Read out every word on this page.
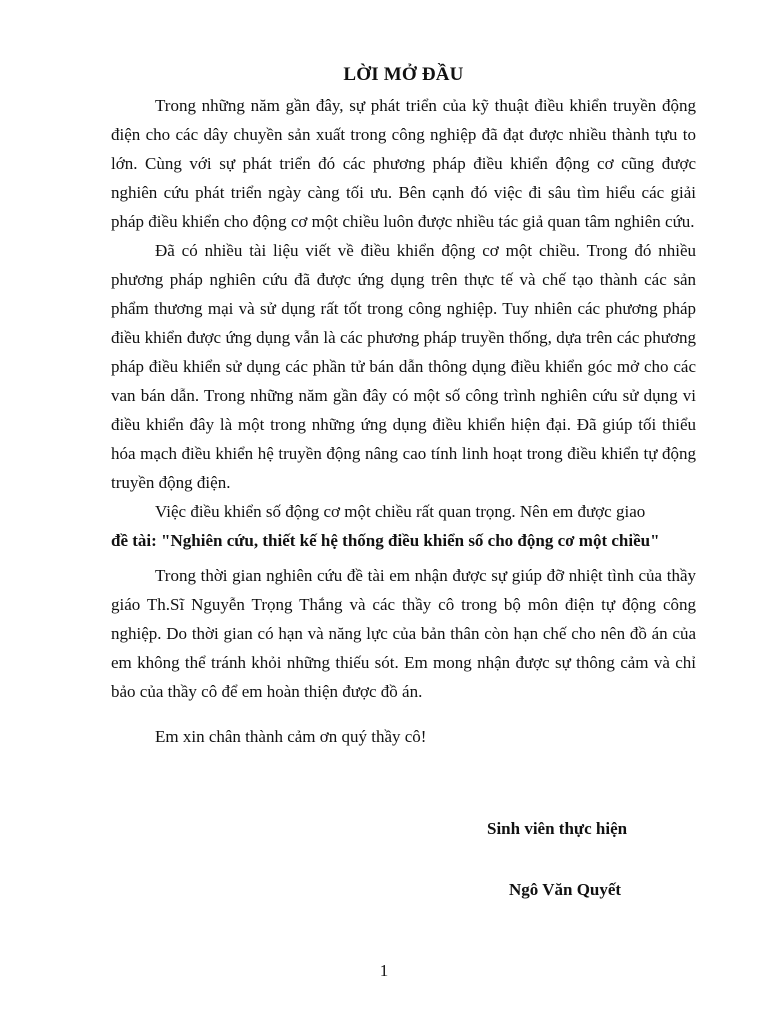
LỜI MỞ ĐẦU

Trong những năm gần đây, sự phát triển của kỹ thuật điều khiển truyền động điện cho các dây chuyền sản xuất trong công nghiệp đã đạt được nhiều thành tựu to lớn. Cùng với sự phát triển đó các phương pháp điều khiển động cơ cũng được nghiên cứu phát triển ngày càng tối ưu. Bên cạnh đó việc đi sâu tìm hiểu các giải pháp điều khiển cho động cơ một chiều luôn được nhiều tác giả quan tâm nghiên cứu.

Đã có nhiều tài liệu viết về điều khiển động cơ một chiều. Trong đó nhiều phương pháp nghiên cứu đã được ứng dụng trên thực tế và chế tạo thành các sản phẩm thương mại và sử dụng rất tốt trong công nghiệp. Tuy nhiên các phương pháp điều khiển được ứng dụng vẫn là các phương pháp truyền thống, dựa trên các phương pháp điều khiển sử dụng các phần tử bán dẫn thông dụng điều khiển góc mở cho các van bán dẫn. Trong những năm gần đây có một số công trình nghiên cứu sử dụng vi điều khiển đây là một trong những ứng dụng điều khiển hiện đại. Đã giúp tối thiểu hóa mạch điều khiển hệ truyền động nâng cao tính linh hoạt trong điều khiển tự động truyền động điện.

Việc điều khiển số động cơ một chiều rất quan trọng. Nên em được giao

đề tài: "Nghiên cứu, thiết kế hệ thống điều khiển số cho động cơ một chiều"

Trong thời gian nghiên cứu đề tài em nhận được sự giúp đỡ nhiệt tình của thầy giáo Th.Sĩ Nguyễn Trọng Thắng và các thầy cô trong bộ môn điện tự động công nghiệp. Do thời gian có hạn và năng lực của bản thân còn hạn chế cho nên đồ án của em không thể tránh khỏi những thiếu sót. Em mong nhận được sự thông cảm và chỉ bảo của thầy cô để em hoàn thiện được đồ án.

Em xin chân thành cảm ơn quý thầy cô!

Sinh viên thực hiện
Ngô Văn Quyết
1
